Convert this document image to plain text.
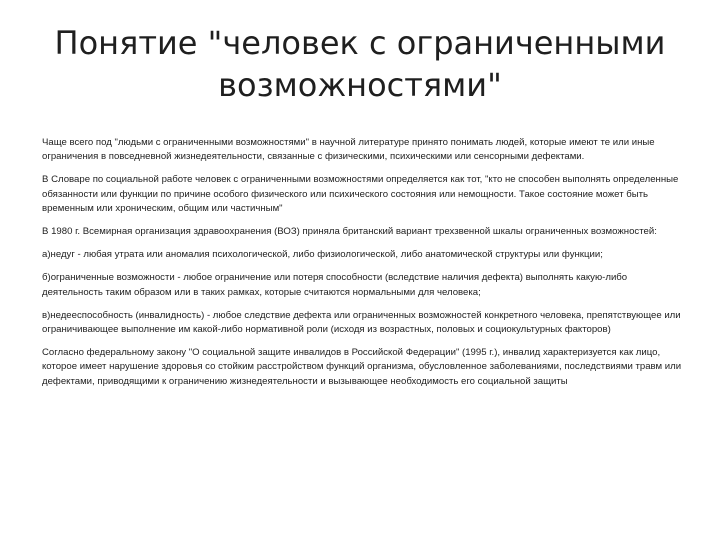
Понятие "человек с ограниченными возможностями"

Чаще всего под "людьми с ограниченными возможностями" в научной литературе принято понимать людей, которые имеют те или иные ограничения в повседневной жизнедеятельности, связанные с физическими, психическими или сенсорными дефектами.

В Словаре по социальной работе человек с ограниченными возможностями определяется как тот, "кто не способен выполнять определенные обязанности или функции по причине особого физического или психического состояния или немощности. Такое состояние может быть временным или хроническим, общим или частичным"

В 1980 г. Всемирная организация здравоохранения (ВОЗ) приняла британский вариант трехзвенной шкалы ограниченных возможностей:

а)недуг - любая утрата или аномалия психологической, либо физиологической, либо анатомической структуры или функции;

б)ограниченные возможности - любое ограничение или потеря способности (вследствие наличия дефекта) выполнять какую-либо деятельность таким образом или в таких рамках, которые считаются нормальными для человека;

в)недееспособность (инвалидность) - любое следствие дефекта или ограниченных возможностей конкретного человека, препятствующее или ограничивающее выполнение им какой-либо нормативной роли (исходя из возрастных, половых и социокультурных факторов)

Согласно федеральному закону "О социальной защите инвалидов в Российской Федерации" (1995 г.), инвалид характеризуется как лицо, которое имеет нарушение здоровья со стойким расстройством функций организма, обусловленное заболеваниями, последствиями травм или дефектами, приводящими к ограничению жизнедеятельности и вызывающее необходимость его социальной защиты
